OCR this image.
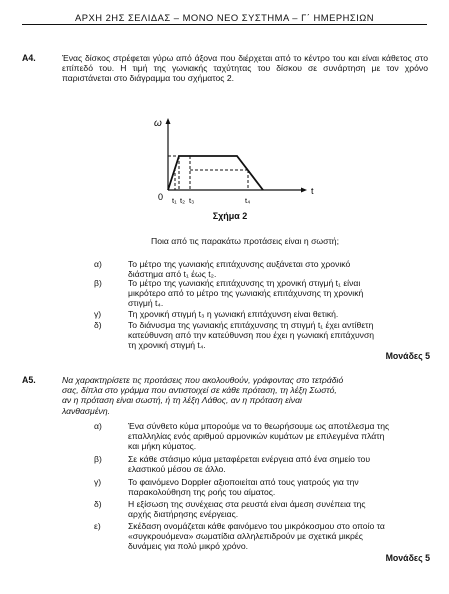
ΑΡΧΗ 2ΗΣ ΣΕΛΙΔΑΣ – ΜΟΝΟ ΝΕΟ ΣΥΣΤΗΜΑ – Γ΄ ΗΜΕΡΗΣΙΩΝ
Α4.	Ένας δίσκος στρέφεται γύρω από άξονα που διέρχεται από το κέντρο του και είναι κάθετος στο επίπεδό του. Η τιμή της γωνιακής ταχύτητας του δίσκου σε συνάρτηση με τον χρόνο παριστάνεται στο διάγραμμα του σχήματος 2.
ω
t
0 t₁ t₂ t₃	t₄
Σχήμα 2
Ποια από τις παρακάτω προτάσεις είναι η σωστή;
α)	Το μέτρο της γωνιακής επιτάχυνσης αυξάνεται στο χρονικό
διάστημα από t₁ έως t₂.
β)	Το μέτρο της γωνιακής επιτάχυνσης τη χρονική στιγμή t₁ είναι
μικρότερο από το μέτρο της γωνιακής επιτάχυνσης τη χρονική
στιγμή t₄.
γ)	Τη χρονική στιγμή t₃ η γωνιακή επιτάχυνση είναι θετική.
δ)	Το διάνυσμα της γωνιακής επιτάχυνσης τη στιγμή t₁ έχει αντίθετη
κατεύθυνση από την κατεύθυνση που έχει η γωνιακή επιτάχυνση
τη χρονική στιγμή t₄.
Μονάδες 5
Α5.	Να χαρακτηρίσετε τις προτάσεις που ακολουθούν, γράφοντας στο τετράδιό
σας, δίπλα στο γράμμα που αντιστοιχεί σε κάθε πρόταση, τη λέξη Σωστό,
αν η πρόταση είναι σωστή, ή τη λέξη Λάθος, αν η πρόταση είναι
λανθασμένη.
α)	Ένα σύνθετο κύμα μπορούμε να το θεωρήσουμε ως αποτέλεσμα της
επαλληλίας ενός αριθμού αρμονικών κυμάτων με επιλεγμένα πλάτη
και μήκη κύματος.
β)	Σε κάθε στάσιμο κύμα μεταφέρεται ενέργεια από ένα σημείο του
ελαστικού μέσου σε άλλο.
γ)	Το φαινόμενο Doppler αξιοποιείται από τους γιατρούς για την
παρακολούθηση της ροής του αίματος.
δ)	Η εξίσωση της συνέχειας στα ρευστά είναι άμεση συνέπεια της
αρχής διατήρησης ενέργειας.
ε)	Σκέδαση ονομάζεται κάθε φαινόμενο του μικρόκοσμου στο οποίο τα
«συγκρουόμενα» σωματίδια αλληλεπιδρούν με σχετικά μικρές
δυνάμεις για πολύ μικρό χρόνο.
Μονάδες 5
